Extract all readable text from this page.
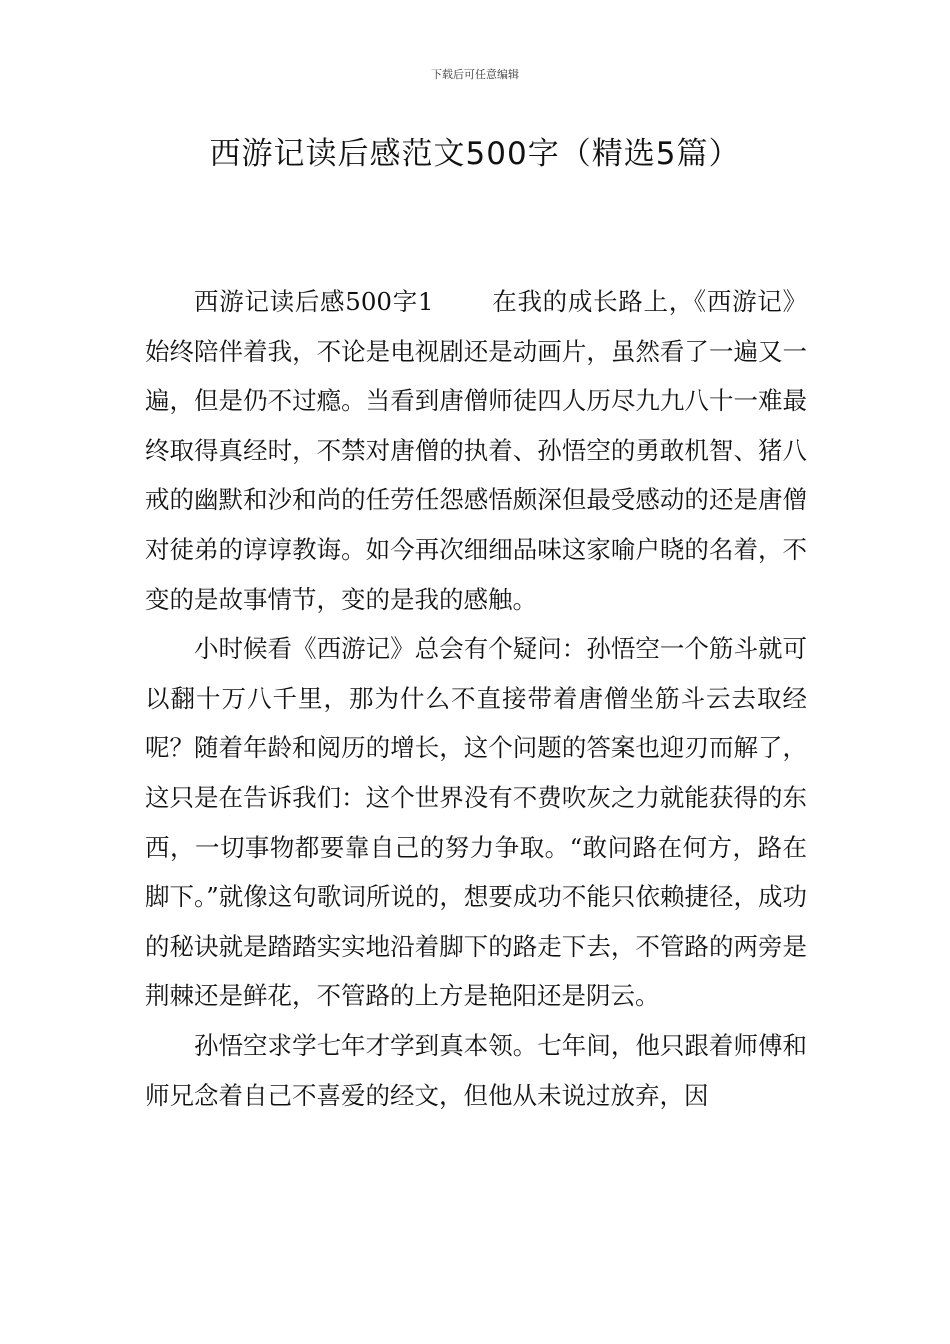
下载后可任意编辑
西游记读后感范文500字（精选5篇）

西游记读后感500字1 在我的成长路上，《西游记》始终陪伴着我，不论是电视剧还是动画片，虽然看了一遍又一遍，但是仍不过瘾。当看到唐僧师徒四人历尽九九八十一难最终取得真经时，不禁对唐僧的执着、孙悟空的勇敢机智、猪八戒的幽默和沙和尚的任劳任怨感悟颇深但最受感动的还是唐僧对徒弟的谆谆教诲。如今再次细细品味这家喻户晓的名着，不变的是故事情节，变的是我的感触。

小时候看《西游记》总会有个疑问：孙悟空一个筋斗就可以翻十万八千里，那为什么不直接带着唐僧坐筋斗云去取经呢？随着年龄和阅历的增长，这个问题的答案也迎刃而解了，这只是在告诉我们：这个世界没有不费吹灰之力就能获得的东西，一切事物都要靠自己的努力争取。“敢问路在何方，路在脚下。”就像这句歌词所说的，想要成功不能只依赖捷径，成功的秘诀就是踏踏实实地沿着脚下的路走下去，不管路的两旁是荆棘还是鲜花，不管路的上方是艳阳还是阴云。

孙悟空求学七年才学到真本领。七年间，他只跟着师傅和师兄念着自己不喜爱的经文，但他从未说过放弃，因
